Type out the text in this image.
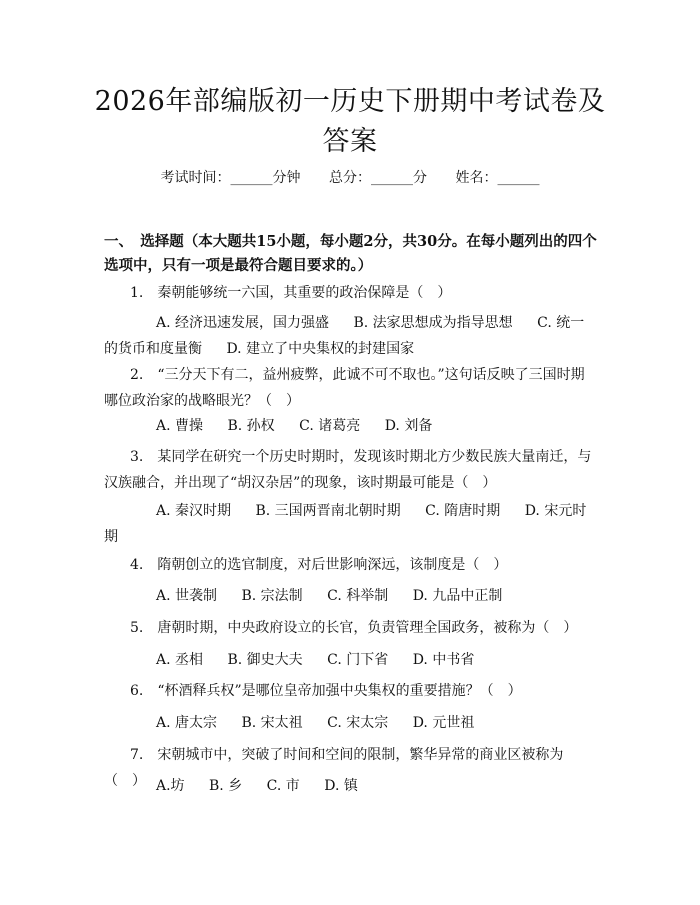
2026年部编版初一历史下册期中考试卷及答案
考试时间：______分钟 总分：______分 姓名：______
一、　选择题（本大题共15小题，每小题2分，共30分。在每小题列出的四个选项中，只有一项是最符合题目要求的。）
1. 秦朝能够统一六国，其重要的政治保障是（　）
A. 经济迅速发展，国力强盛 B. 法家思想成为指导思想 C. 统一的货币和度量衡 D. 建立了中央集权的封建国家
2. “三分天下有二，益州疲弊，此诚不可不取也。”这句话反映了三国时期哪位政治家的战略眼光？（　）
A. 曹操 B. 孙权 C. 诸葛亮 D. 刘备
3. 某同学在研究一个历史时期时，发现该时期北方少数民族大量南迁，与汉族融合，并出现了“胡汉杂居”的现象，该时期最可能是（　）
A. 秦汉时期 B. 三国两晋南北朝时期 C. 隋唐时期 D. 宋元时期
4. 隋朝创立的选官制度，对后世影响深远，该制度是（　）
A. 世袭制 B. 宗法制 C. 科举制 D. 九品中正制
5. 唐朝时期，中央政府设立的长官，负责管理全国政务，被称为（　）
A. 丞相 B. 御史大夫 C. 门下省 D. 中书省
6. “杯酒释兵权”是哪位皇帝加强中央集权的重要措施？（　）
A. 唐太宗 B. 宋太祖 C. 宋太宗 D. 元世祖
7. 宋朝城市中，突破了时间和空间的限制，繁华异常的商业区被称为（　） A.坊 B. 乡 C. 市 D. 镇
